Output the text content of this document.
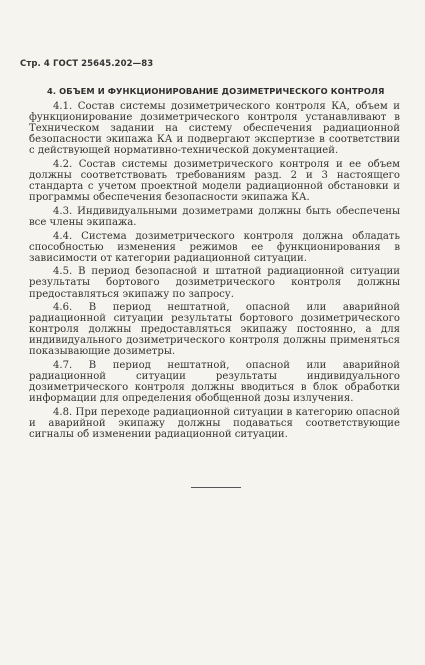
Стр. 4 ГОСТ 25645.202—83
4. ОБЪЕМ И ФУНКЦИОНИРОВАНИЕ ДОЗИМЕТРИЧЕСКОГО КОНТРОЛЯ

4.1. Состав системы дозиметрического контроля КА, объем и функционирование дозиметрического контроля устанавливают в Техническом задании на систему обеспечения радиационной безопасности экипажа КА и подвергают экспертизе в соответствии с действующей нормативно-технической документацией.

4.2. Состав системы дозиметрического контроля и ее объем должны соответствовать требованиям разд. 2 и 3 настоящего стандарта с учетом проектной модели радиационной обстановки и программы обеспечения безопасности экипажа КА.

4.3. Индивидуальными дозиметрами должны быть обеспечены все члены экипажа.

4.4. Система дозиметрического контроля должна обладать способностью изменения режимов ее функционирования в зависимости от категории радиационной ситуации.

4.5. В период безопасной и штатной радиационной ситуации результаты бортового дозиметрического контроля должны предоставляться экипажу по запросу.

4.6. В период нештатной, опасной или аварийной радиационной ситуации результаты бортового дозиметрического контроля должны предоставляться экипажу постоянно, а для индивидуального дозиметрического контроля должны применяться показывающие дозиметры.

4.7. В период нештатной, опасной или аварийной радиационной ситуации результаты индивидуального дозиметрического контроля должны вводиться в блок обработки информации для определения обобщенной дозы излучения.

4.8. При переходе радиационной ситуации в категорию опасной и аварийной экипажу должны подаваться соответствующие сигналы об изменении радиационной ситуации.
